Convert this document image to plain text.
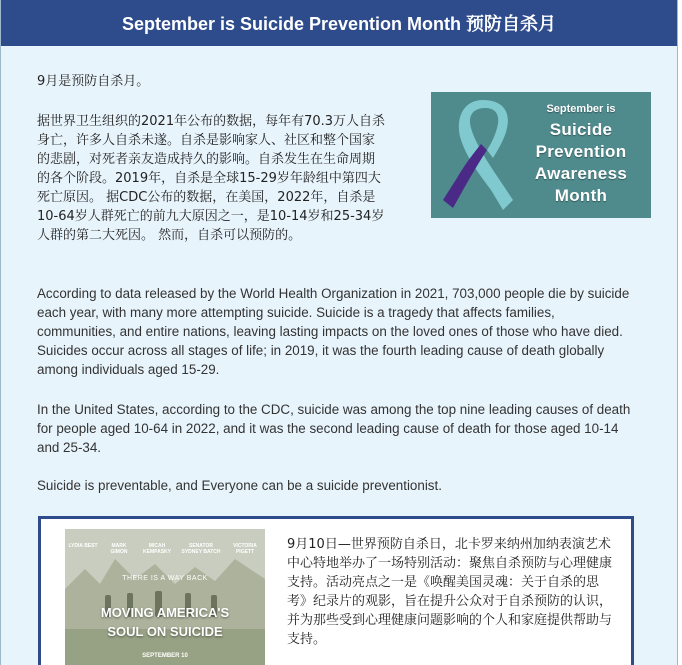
September is Suicide Prevention Month 预防自杀月

9月是预防自杀月。

据世界卫生组织的2021年公布的数据，每年有70.3万人自杀身亡，许多人自杀未遂。自杀是影响家人、社区和整个国家的悲剧，对死者亲友造成持久的影响。自杀发生在生命周期的各个阶段。2019年，自杀是全球15-29岁年龄组中第四大死亡原因。 据CDC公布的数据，在美国，2022年，自杀是10-64岁人群死亡的前九大原因之一，是10-14岁和25-34岁人群的第二大死因。 然而，自杀可以预防的。

September is
Suicide
Prevention
Awareness
Month

According to data released by the World Health Organization in 2021, 703,000 people die by suicide each year, with many more attempting suicide. Suicide is a tragedy that affects families, communities, and entire nations, leaving lasting impacts on the loved ones of those who have died. Suicides occur across all stages of life; in 2019, it was the fourth leading cause of death globally among individuals aged 15-29.

In the United States, according to the CDC, suicide was among the top nine leading causes of death for people aged 10-64 in 2022, and it was the second leading cause of death for those aged 10-14 and 25-34.

Suicide is preventable, and Everyone can be a suicide preventionist.

LYDIA BEST	MARK GIMON
MICAH KEMPASKY
SENATOR SYDNEY BATCH
VICTORIA PIGETT
THERE IS A WAY BACK
MOVING AMERICA'S
SOUL ON SUICIDE
SEPTEMBER 10

9月10日—世界预防自杀日，北卡罗来纳州加纳表演艺术中心特地举办了一场特别活动：聚焦自杀预防与心理健康支持。活动亮点之一是《唤醒美国灵魂：关于自杀的思考》纪录片的观影，旨在提升公众对于自杀预防的认识，并为那些受到心理健康问题影响的个人和家庭提供帮助与支持。
